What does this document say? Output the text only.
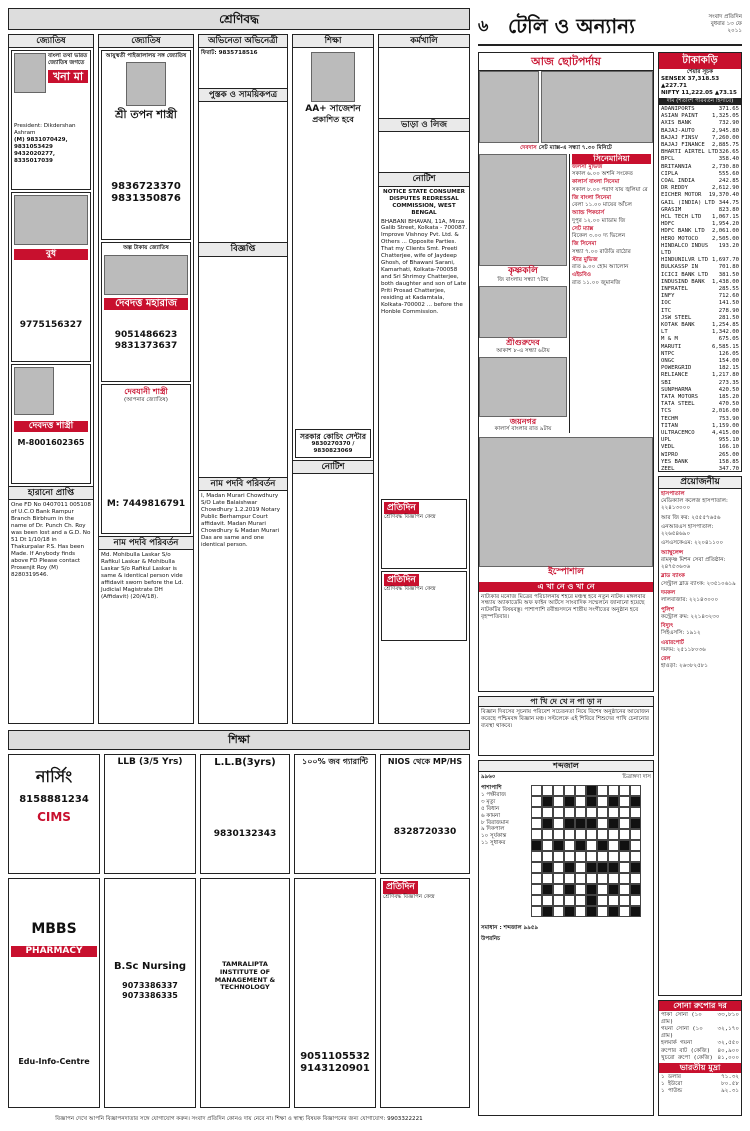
শ্রেণিবদ্ধ
জ্যোতিষ
বাংলা তথা ভারত জ্যোতিষ জগতে
খনা মা
President: Dikdershan Ashram
(M) 9831070429, 9831053429
9432020277, 8335017039
বুধ
9775156327
দেবদত্ত শাস্ত্রী
M-8001602365
হারানো প্রাপ্তি
One FD No 0407011 005108 of U.C.O Bank Rampur Branch Birbhum in the name of Dr. Punch Ch. Roy was been lost and a G.D. No 51 Dt 1/10/18 in Thakurpalar P.S. Has been Made. If Anybody finds above FD Please contact Prosenjit Roy (M) 8280319546.
জ্যোতিষ
আয়ুষ্মতী পাইজালালয় সঙ্গ জ্যোতিষ
শ্রী তপন শাস্ত্রী
9836723370
9831350876
অল্প টাকায় জ্যোতিষ
দেবদত্ত মহারাজ
9051486623
9831373637
দেবযানী শাস্ত্রী
(আপনার জ্যোতিষ)
M: 7449816791
নাম পদবি পরিবর্তন
Md. Mohibulla Laskar S/o Rafikul Laskar & Mohibulla Laskar S/o Rafikul Laskar is same & identical person vide affidavit sworn before the Ld. Judicial Magistrate DH (Affidavit) (20/4/18).
অভিনেতা অভিনেত্রী
ফিরাট: 9835718516
পুস্তক ও সাময়িকপত্র
বিজ্ঞপ্তি
নাম পদবি পরিবর্তন
I, Madan Murari Chowdhury S/O Late Balaishwar Chowdhury 1.2.2019 Notary Public Berhampur Court affidavit. Madan Murari Chowdhury & Madan Murari Das are same and one identical person.
শিক্ষা
AA+ সাজেশন
প্রকাশিত হবে
সরকার কোচিং সেন্টার
9830270370 / 9830823069
নোটিশ
কর্মখালি
ভাড়া ও লিজ
নোটিশ
NOTICE STATE CONSUMER DISPUTES REDRESSAL COMMISSION, WEST BENGAL
BHABANI BHAVAN, 11A, Mirza Galib Street, Kolkata - 700087. Improve Vishnoy Pvt. Ltd. & Others ... Opposite Parties. That my Clients Smt. Preeti Chatterjee, wife of Jaydeep Ghosh, of Bhawani Sarani, Kamarhati, Kolkata-700058 and Sri Shrimoy Chatterjee, both daughter and son of Late Priti Prosad Chatterjee, residing at Kadamtala, Kolkata-700002 ... before the Honble Commission.
প্রতিদিন
শ্রেণিবদ্ধ বিজ্ঞাপন কেন্দ্র
প্রতিদিন
শ্রেণিবদ্ধ বিজ্ঞাপন কেন্দ্র
শিক্ষা
নার্সিং
8158881234
CIMS
LLB (3/5 Yrs)	L.L.B(3yrs)
9830132343
১০০% জব গ্যারান্টি	NIOS থেকে MP/HS
8328720330
MBBS
PHARMACY
Edu-Info-Centre
B.Sc Nursing
9073386337
9073386335
TAMRALIPTA INSTITUTE OF MANAGEMENT & TECHNOLOGY
9051105532
9143120901
প্রতিদিন
শ্রেণিবদ্ধ বিজ্ঞাপন কেন্দ্র
বিজ্ঞাপন দেখে আপনি বিজ্ঞাপনদাতার সঙ্গে যোগাযোগ করুন। সংবাদ প্রতিদিন কোনও দায় নেবে না। শিক্ষা ও স্বাস্থ্য বিষয়ক বিজ্ঞাপনের জন্য যোগাযোগ: 9903322221
৬ টেলি ও অন্যান্য	সংবাদ প্রতিদিন
বুধবার ১৩ ফে
২০১১
আজ ছোটপর্দায়
দেবদাস সেট ম্যাক্স-এ সন্ধ্যা ৭.৩০ মিনিটে
কৃষ্ণকলি
জি বাংলায় সন্ধ্যা ৭টায়
শ্রীগুরুদেব
আকাশ ৮-এ সন্ধ্যা ৬টায়
জয়নগর
কালার্স বাংলার রাত ৯টায়
সিনেমানিয়া
জলসা মুভিজ
সকাল ৬.০০ অশনি সংকেত
কালার্স বাংলা সিনেমা
সকাল ৮.০০ পরাণ যায় জ্বলিয়া রে
জি বাংলা সিনেমা
বেলা ১১.০০ মায়ের আঁচল
অ্যান্ড পিকচার্স
দুপুর ১২.০০ ম্যাডাম জি
সেট ম্যাক্স
বিকেল ৩.০০ দ্য ভিলেন
জি সিনেমা
সন্ধ্যা ৭.০০ রাউডি রাঠোর
স্টার মুভিজ
রাত ৯.০০ হোম অ্যালোন
এইচবিও
রাত ১১.০০ জুমানজি
ইস্পোশাল
এ খা নে ও খা নে
নাট্যকার মনোজ মিত্রের পরিচালনায় শহরে মঞ্চস্থ হবে নতুন নাটক। মঙ্গলবার সন্ধ্যায় অ্যাকাডেমি অফ ফাইন আর্টসে সাংবাদিক সম্মেলনে জানানো হয়েছে নাটকটির বিষয়বস্তু। পাশাপাশি রবীন্দ্রসদনে শাস্ত্রীয় সংগীতের অনুষ্ঠান হবে বৃহস্পতিবার।
পা খি দে খে ন পা ড়া ন
বিজ্ঞান দিবসের সূচনায় পরিবেশ সচেতনতা নিয়ে বিশেষ অনুষ্ঠানের আয়োজন করেছে পশ্চিমবঙ্গ বিজ্ঞান মঞ্চ। সল্টলেকে এই শিবিরে শিশুদের পাখি চেনানোর ব্যবস্থা থাকবে।
শব্দজাল
৯৯৬০	চিত্রাঙ্গদা দাস
পাশাপাশি
১ পক্ষীরাজ
৩ মৃত্যু
৫ বিধান
৬ কামনা
৮ বিরাজমান
৯ দিকপাল
১০ সূর্যকান্ত
১১ সুধাকর
সমাধান : শব্দজাল ৯৯৫৯
উপরনিচ
টাকাকড়ি
শেয়ার সূচক
SENSEX 37,318.53 ▲227.71
NIFTY 11,222.05 ▲73.15
দাম (শতাংশ পরিবর্তন হিসাবে)
ADANIPORTS	371.65
ASIAN PAINT	1,325.05
AXIS BANK	732.90
BAJAJ-AUTO	2,945.80
BAJAJ FINSV	7,260.00
BAJAJ FINANCE 2,885.75
BHARTI AIRTEL LTD 326.65
BPCL	358.40
BRITANNIA	2,730.80
CIPLA	555.60
COAL INDIA	242.85
DR REDDY	2,612.90
EICHER MOTOR 19,370.40
GAIL (INDIA) LTD 344.75
GRASIM	823.80
HCL TECH LTD 1,067.15
HDFC	1,954.20
HDFC BANK LTD 2,061.00
HERO MOTOCO	2,505.00
HINDALCO INDUS LTD
193.20
HINDUNILVR LTD 1,697.70
BULKASSP IN	701.80
ICICI BANK LTD 381.50
INDUSIND BANK 1,438.00
INFRATEL	285.55
INFY	712.60
IOC	141.50
ITC	278.90
JSW STEEL	281.50
KOTAK BANK	1,254.85
LT	1,342.00
M & M	675.05
MARUTI	6,585.15
NTPC	126.05
ONGC	154.00
POWERGRID	182.15
RELIANCE	1,217.80
SBI	273.35
SUNPHARMA	420.50
TATA MOTORS	185.20
TATA STEEL	470.50
TCS	2,016.00
TECHM	753.90
TITAN	1,159.00
ULTRACEMCO	4,415.00
UPL	955.10
VEDL	166.10
WIPRO	265.00
YES BANK	158.85
ZEEL	347.70
প্রয়োজনীয়
হাসপাতাল
মেডিক্যাল কলেজ হাসপাতাল: ২২৪১৩০০০
আর জি কর: ২৫৫৫৭৬৫৬
এনআরএস হাসপাতাল: ২২৬৫৪৬৯০
এসএসকেএম: ২২০৪১১০০
অ্যাম্বুলেন্স
রামকৃষ্ণ মিশন সেবা প্রতিষ্ঠান: ২৪৭৫৩৬৩৬
ব্লাড ব্যাংক
সেন্ট্রাল ব্লাড ব্যাংক: ২৩৫১০৬১৯
দমকল
লালবাজার: ২২১৪৩০০০
পুলিশ
কন্ট্রোল রুম: ২২১৪৩২৩০
বিদ্যুৎ
সিইএসসি: ১৯১২
এয়ারপোর্ট
দমদম: ২৫১১৮০৩৬
রেল
হাওড়া: ২৬৩৮২৫৮১
সোনা রুপোর দর
পাকা সোনা (১০ গ্রাম)
৩৩,৮১০
গয়না সোনা (১০ গ্রাম)
৩২,১৭০
হলমার্ক গয়না	৩২,৫৫০
রুপোর বাট (কেজি) ৪০,৯০০
খুচরো রুপো (কেজি) ৪১,০০০
ভারতীয় মুদ্রা
১ ডলার	৭১.৩২
১ ইউরো	৮০.৫৮
১ পাউন্ড	৯২.৩১
